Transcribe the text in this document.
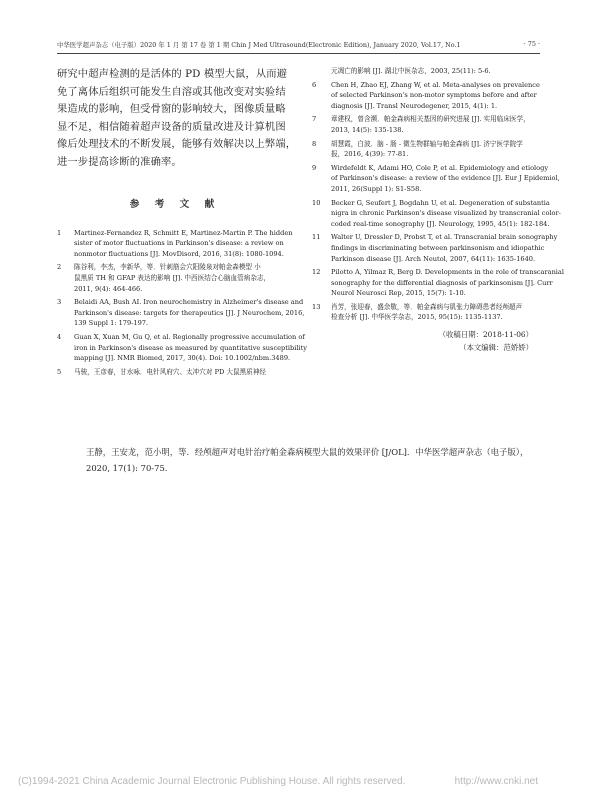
中华医学超声杂志（电子版）2020 年 1 月 第 17 卷 第 1 期 Chin J Med Ultrasound(Electronic Edition), January 2020, Vol.17, No.1	· 75 ·

研究中超声检测的是活体的 PD 模型大鼠，从而避

免了离体后组织可能发生自溶或其他改变对实验结

果造成的影响，但受骨窗的影响较大，图像质量略

显不足，相信随着超声设备的质量改进及计算机图

像后处理技术的不断发展，能够有效解决以上弊端，

进一步提高诊断的准确率。

参 考 文 献
1 Martinez-Fernandez R, Schmitt E, Martinez-Martin P. The hidden
sister of motor fluctuations in Parkinson's disease: a review on
nonmotor fluctuations [J]. MovDisord, 2016, 31(8): 1080-1094.
2 陈谷利，李杰，李新华，等．针刺筋会穴阳陵泉对帕金森模型 小
鼠黑质 TH 和 GFAP 表达的影响 [J]. 中西医结合心脑血管病杂志，
2011, 9(4): 464-466.
3 Belaidi AA, Bush AI. Iron neurochemistry in Alzheimer's disease and
Parkinson's disease: targets for therapeutics [J]. J Neurochem, 2016,
139 Suppl 1: 179-197.
4 Guan X, Xuan M, Gu Q, et al. Regionally progressive accumulation of
iron in Parkinson's disease as measured by quantitative susceptibility
mapping [J]. NMR Biomed, 2017, 30(4). Doi: 10.1002/nbm.3489.
5 马骏，王彦春，甘水咏．电针风府穴、太冲穴对 PD 大鼠黑质神经
元凋亡的影响 [J]. 湖北中医杂志，2003, 25(11): 5-6.
6 Chen H, Zhao EJ, Zhang W, et al. Meta-analyses on prevalence
of selected Parkinson's non-motor symptoms before and after
diagnosis [J]. Transl Neurodegener, 2015, 4(1): 1.
7 章建权，曾含濒．帕金森病相关基因的研究进展 [J]. 实用临床医学，
2013, 14(5): 135-138.
8 胡慧霞，白波．脑 - 肠 - 微生物群轴与帕金森病 [J]. 济宁医学院学
报，2016, 4(39): 77-81.
9 Wirdefeldt K, Adami HO, Cole P, et al. Epidemiology and etiology
of Parkinson's disease: a review of the evidence [J]. Eur J Epidemiol,
2011, 26(Suppl 1): S1-S58.
10 Becker G, Seufert J, Bogdahn U, et al. Degeneration of substantia
nigra in chronic Parkinson's disease visualized by transcranial color-
coded real-time sonography [J]. Neurology, 1995, 45(1): 182-184.
11 Walter U, Dressler D, Probst T, et al. Transcranial brain sonography
findings in discriminating between parkinsonism and idiopathic
Parkinson disease [J]. Arch Neutol, 2007, 64(11): 1635-1640.
12 Pilotto A, Yilmaz R, Berg D. Developments in the role of transcaranial
sonography for the differential diagnosis of parkinsonism [J]. Curr
Neurol Neurosci Rep, 2015, 15(7): 1-10.
13 肖芳，张迎春，盛余敬，等．帕金森病与肌张力障碍患者经颅超声
检查分析 [J]. 中华医学杂志，2015, 95(15): 1135-1137.
（收稿日期：2018-11-06）
（本文编辑：范娇娇）
王静，王安龙，范小明，等．经颅超声对电针治疗帕金森病模型大鼠的效果评价 [J/OL]．中华医学超声杂志（电子版），
2020, 17(1): 70-75.
(C)1994-2021 China Academic Journal Electronic Publishing House. All rights reserved.	http://www.cnki.net
